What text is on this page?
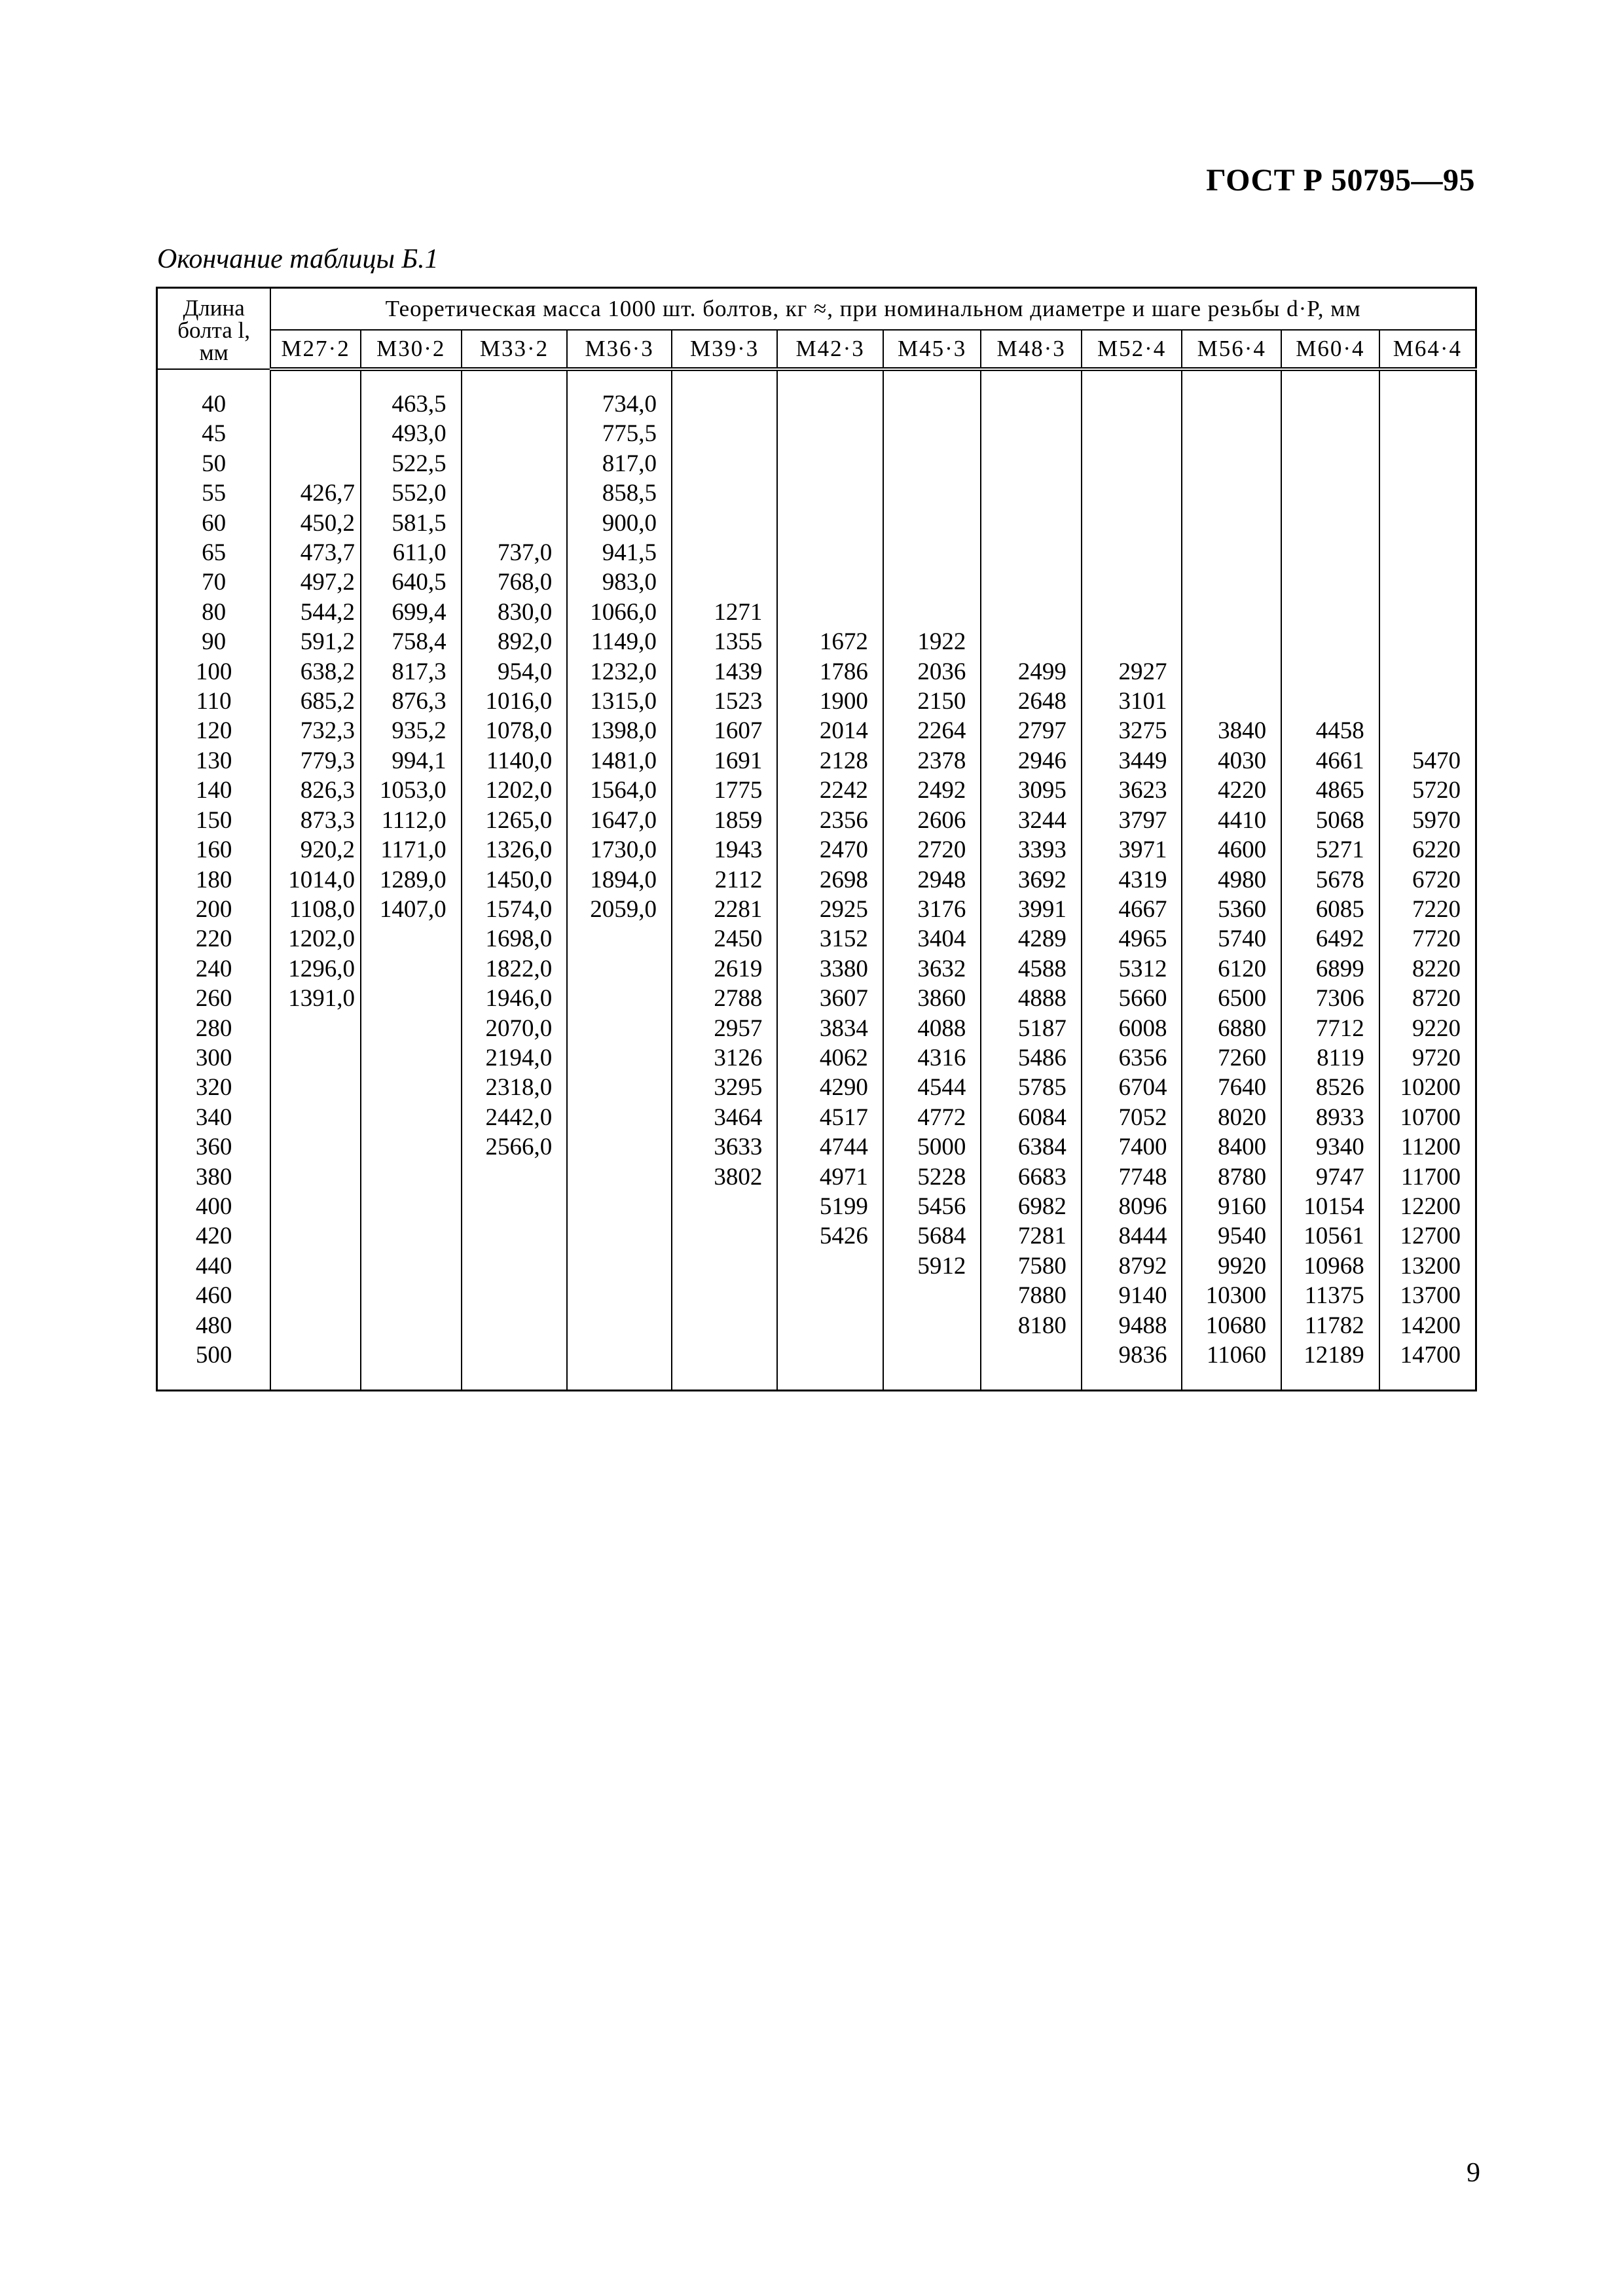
ГОСТ Р 50795—95
Окончание таблицы Б.1
Длина
болта l,
мм	Теоретическая масса 1000 шт. болтов, кг ≈, при номинальном диаметре и шаге резьбы d·P, мм											
	М27·2	М30·2	М33·2	М36·3	М39·3	М42·3	М45·3	М48·3	М52·4	М56·4	М60·4	М64·4

40		463,5		734,0								
45		493,0		775,5								
50		522,5		817,0								
55	426,7	552,0		858,5								
60	450,2	581,5		900,0								
65	473,7	611,0	737,0	941,5								
70	497,2	640,5	768,0	983,0								
80	544,2	699,4	830,0	1066,0	1271							
90	591,2	758,4	892,0	1149,0	1355	1672	1922					
100	638,2	817,3	954,0	1232,0	1439	1786	2036	2499	2927			
110	685,2	876,3	1016,0	1315,0	1523	1900	2150	2648	3101			
120	732,3	935,2	1078,0	1398,0	1607	2014	2264	2797	3275	3840	4458	
130	779,3	994,1	1140,0	1481,0	1691	2128	2378	2946	3449	4030	4661	5470
140	826,3	1053,0	1202,0	1564,0	1775	2242	2492	3095	3623	4220	4865	5720
150	873,3	1112,0	1265,0	1647,0	1859	2356	2606	3244	3797	4410	5068	5970
160	920,2	1171,0	1326,0	1730,0	1943	2470	2720	3393	3971	4600	5271	6220
180	1014,0	1289,0	1450,0	1894,0	2112	2698	2948	3692	4319	4980	5678	6720
200	1108,0	1407,0	1574,0	2059,0	2281	2925	3176	3991	4667	5360	6085	7220
220	1202,0		1698,0		2450	3152	3404	4289	4965	5740	6492	7720
240	1296,0		1822,0		2619	3380	3632	4588	5312	6120	6899	8220
260	1391,0		1946,0		2788	3607	3860	4888	5660	6500	7306	8720
280			2070,0		2957	3834	4088	5187	6008	6880	7712	9220
300			2194,0		3126	4062	4316	5486	6356	7260	8119	9720
320			2318,0		3295	4290	4544	5785	6704	7640	8526	10200
340			2442,0		3464	4517	4772	6084	7052	8020	8933	10700
360			2566,0		3633	4744	5000	6384	7400	8400	9340	11200
380					3802	4971	5228	6683	7748	8780	9747	11700
400						5199	5456	6982	8096	9160	10154	12200
420						5426	5684	7281	8444	9540	10561	12700
440							5912	7580	8792	9920	10968	13200
460								7880	9140	10300	11375	13700
480								8180	9488	10680	11782	14200
500									9836	11060	12189	14700

9
